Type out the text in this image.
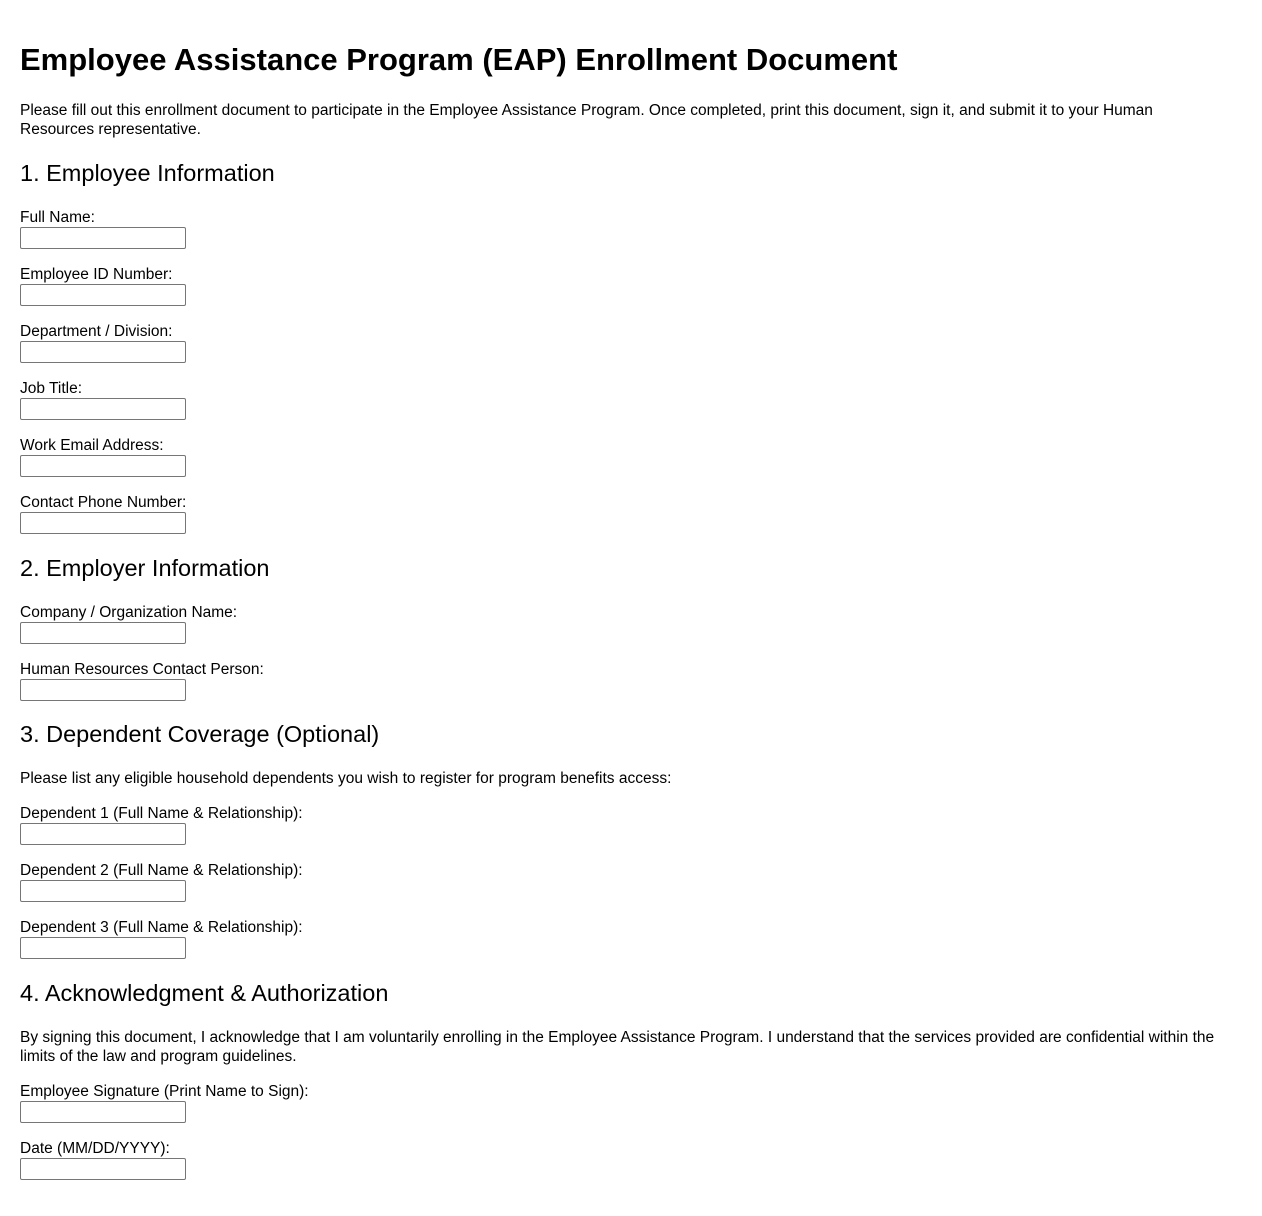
Employee Assistance Program (EAP) Enrollment Document

Please fill out this enrollment document to participate in the Employee Assistance Program. Once completed, print this document, sign it, and submit it to your Human Resources representative.

1. Employee Information
Full Name:
Employee ID Number:
Department / Division:
Job Title:
Work Email Address:
Contact Phone Number:
2. Employer Information
Company / Organization Name:
Human Resources Contact Person:
3. Dependent Coverage (Optional)

Please list any eligible household dependents you wish to register for program benefits access:

Dependent 1 (Full Name & Relationship):
Dependent 2 (Full Name & Relationship):
Dependent 3 (Full Name & Relationship):
4. Acknowledgment & Authorization

By signing this document, I acknowledge that I am voluntarily enrolling in the Employee Assistance Program. I understand that the services provided are confidential within the limits of the law and program guidelines.

Employee Signature (Print Name to Sign):
Date (MM/DD/YYYY):
